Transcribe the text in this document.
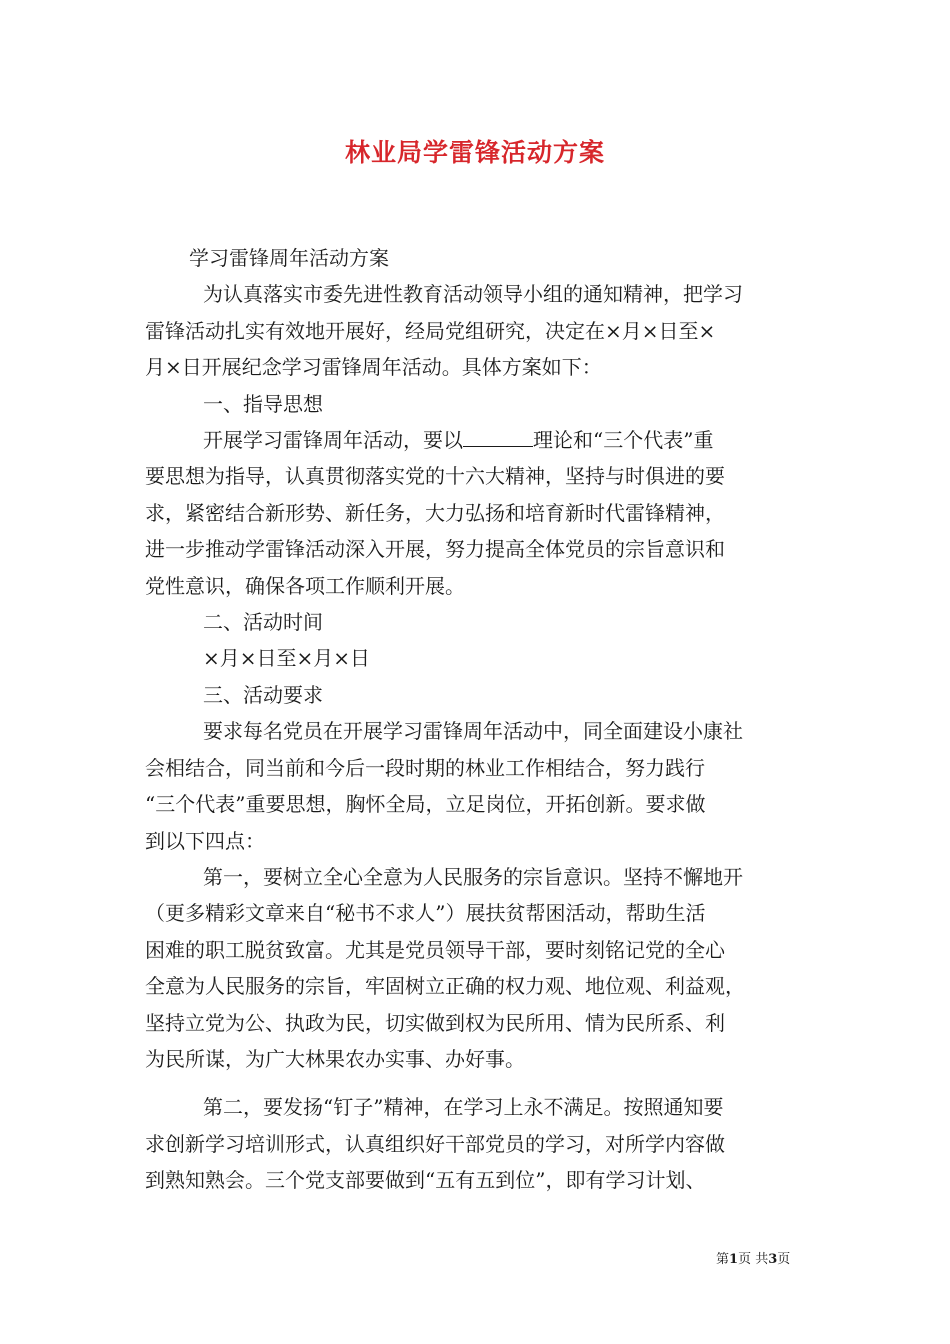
林业局学雷锋活动方案

学习雷锋周年活动方案

为认真落实市委先进性教育活动领导小组的通知精神，把学习

雷锋活动扎实有效地开展好，经局党组研究，决定在×月×日至×

月×日开展纪念学习雷锋周年活动。具体方案如下：

一、指导思想

开展学习雷锋周年活动，要以	理论和“三个代表”重

要思想为指导，认真贯彻落实党的十六大精神，坚持与时俱进的要

求，紧密结合新形势、新任务，大力弘扬和培育新时代雷锋精神，

进一步推动学雷锋活动深入开展，努力提高全体党员的宗旨意识和

党性意识，确保各项工作顺利开展。

二、活动时间

×月×日至×月×日

三、活动要求

要求每名党员在开展学习雷锋周年活动中，同全面建设小康社

会相结合，同当前和今后一段时期的林业工作相结合，努力践行

“三个代表”重要思想，胸怀全局，立足岗位，开拓创新。要求做

到以下四点：

第一，要树立全心全意为人民服务的宗旨意识。坚持不懈地开

（更多精彩文章来自“秘书不求人”）展扶贫帮困活动，帮助生活

困难的职工脱贫致富。尤其是党员领导干部，要时刻铭记党的全心

全意为人民服务的宗旨，牢固树立正确的权力观、地位观、利益观，

坚持立党为公、执政为民，切实做到权为民所用、情为民所系、利

为民所谋，为广大林果农办实事、办好事。

第二，要发扬“钉子”精神，在学习上永不满足。按照通知要

求创新学习培训形式，认真组织好干部党员的学习，对所学内容做

到熟知熟会。三个党支部要做到“五有五到位”，即有学习计划、

第1页 共3页
